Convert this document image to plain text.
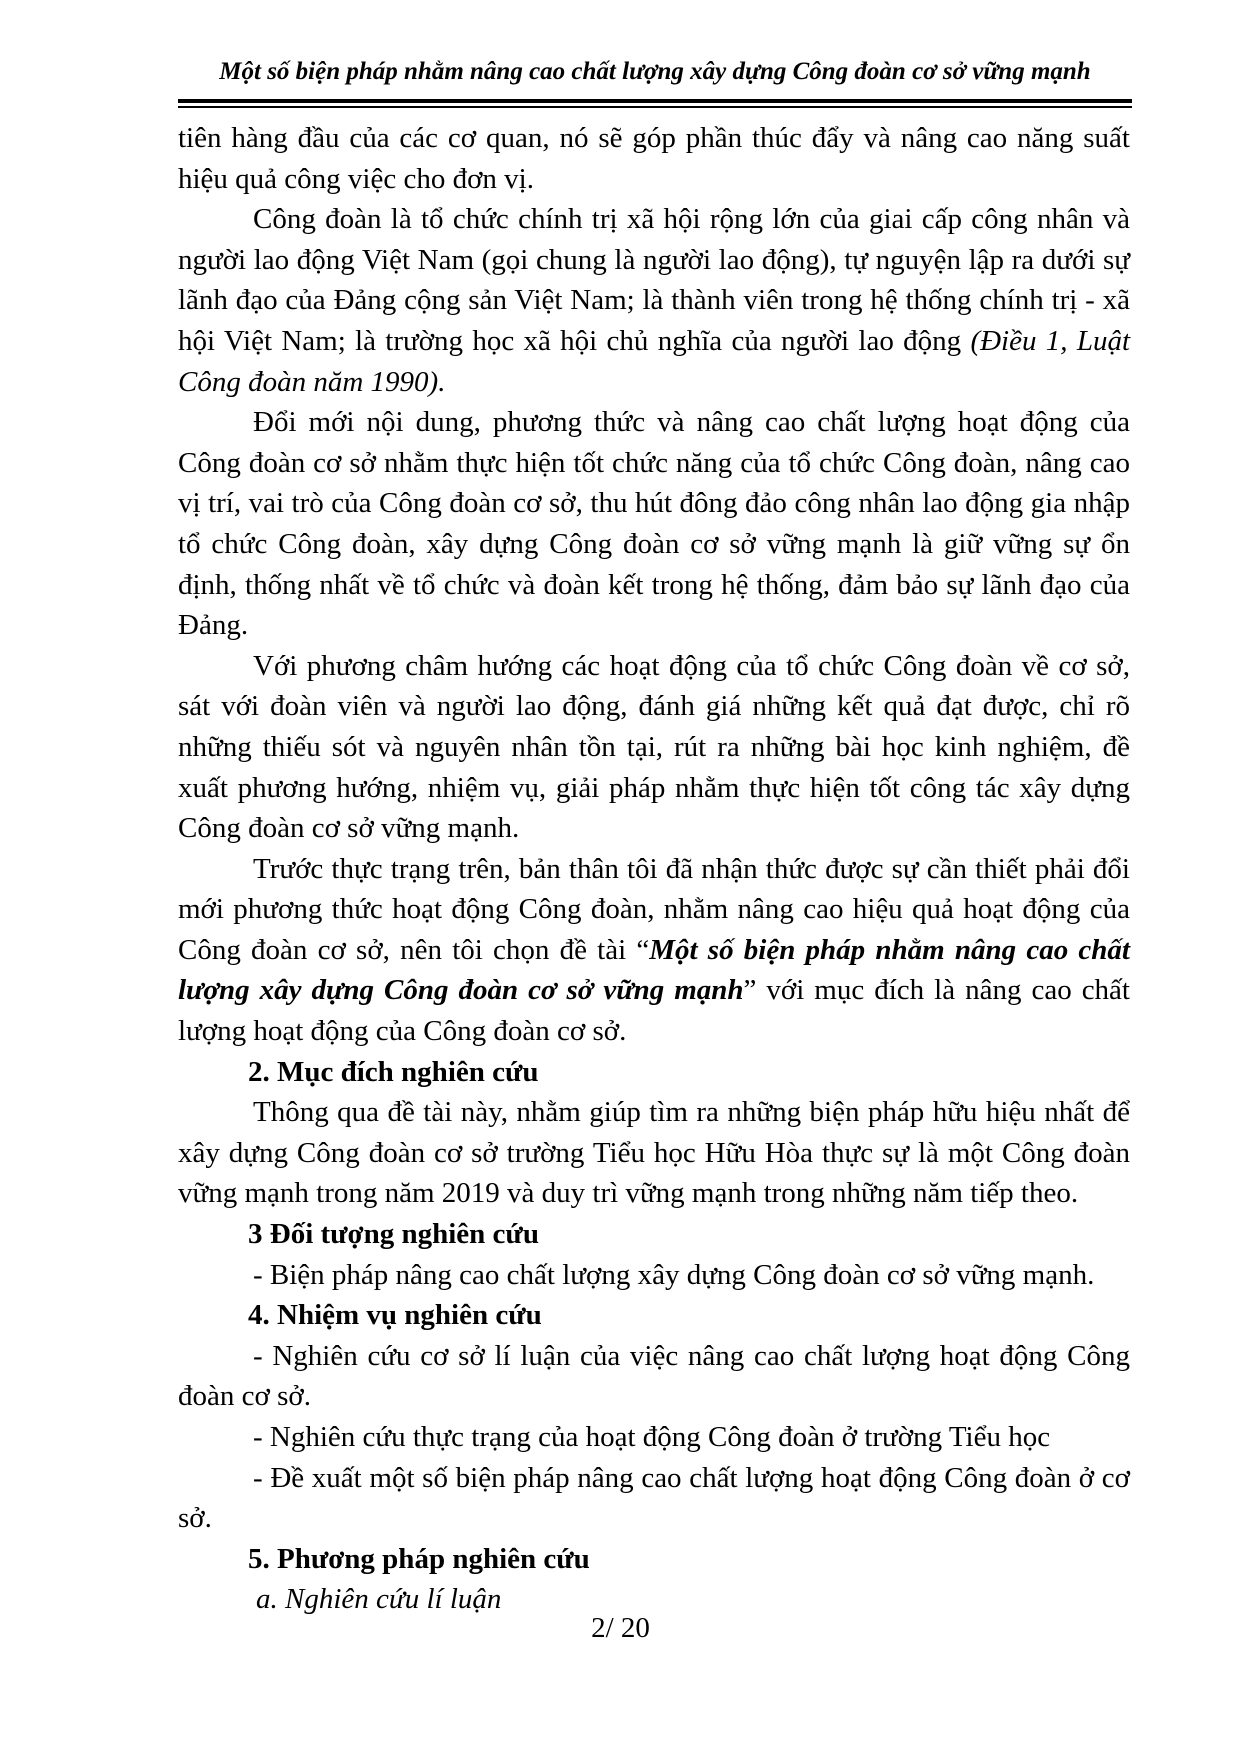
Một số biện pháp nhằm nâng cao chất lượng xây dựng Công đoàn cơ sở vững mạnh

tiên hàng đầu của các cơ quan, nó sẽ góp phần thúc đẩy và nâng cao năng suất hiệu quả công việc cho đơn vị.

Công đoàn là tổ chức chính trị xã hội rộng lớn của giai cấp công nhân và người lao động Việt Nam (gọi chung là người lao động), tự nguyện lập ra dưới sự lãnh đạo của Đảng cộng sản Việt Nam; là thành viên trong hệ thống chính trị - xã hội Việt Nam; là trường học xã hội chủ nghĩa của người lao động (Điều 1, Luật Công đoàn năm 1990).

Đổi mới nội dung, phương thức và nâng cao chất lượng hoạt động của Công đoàn cơ sở nhằm thực hiện tốt chức năng của tổ chức Công đoàn, nâng cao vị trí, vai trò của Công đoàn cơ sở, thu hút đông đảo công nhân lao động gia nhập tổ chức Công đoàn, xây dựng Công đoàn cơ sở vững mạnh là giữ vững sự ổn định, thống nhất về tổ chức và đoàn kết trong hệ thống, đảm bảo sự lãnh đạo của Đảng.

Với phương châm hướng các hoạt động của tổ chức Công đoàn về cơ sở, sát với đoàn viên và người lao động, đánh giá những kết quả đạt được, chỉ rõ những thiếu sót và nguyên nhân tồn tại, rút ra những bài học kinh nghiệm, đề xuất phương hướng, nhiệm vụ, giải pháp nhằm thực hiện tốt công tác xây dựng Công đoàn cơ sở vững mạnh.

Trước thực trạng trên, bản thân tôi đã nhận thức được sự cần thiết phải đổi mới phương thức hoạt động Công đoàn, nhằm nâng cao hiệu quả hoạt động của Công đoàn cơ sở, nên tôi chọn đề tài “Một số biện pháp nhằm nâng cao chất lượng xây dựng Công đoàn cơ sở vững mạnh” với mục đích là nâng cao chất lượng hoạt động của Công đoàn cơ sở.

2. Mục đích nghiên cứu

Thông qua đề tài này, nhằm giúp tìm ra những biện pháp hữu hiệu nhất để xây dựng Công đoàn cơ sở trường Tiểu học Hữu Hòa thực sự là một Công đoàn vững mạnh trong năm 2019 và duy trì vững mạnh trong những năm tiếp theo.

3 Đối tượng nghiên cứu

- Biện pháp nâng cao chất lượng xây dựng Công đoàn cơ sở vững mạnh.

4. Nhiệm vụ nghiên cứu

- Nghiên cứu cơ sở lí luận của việc nâng cao chất lượng hoạt động Công đoàn cơ sở.

- Nghiên cứu thực trạng của hoạt động Công đoàn ở trường Tiểu học

- Đề xuất một số biện pháp nâng cao chất lượng hoạt động Công đoàn ở cơ sở.

5. Phương pháp nghiên cứu

a. Nghiên cứu lí luận

2/ 20
